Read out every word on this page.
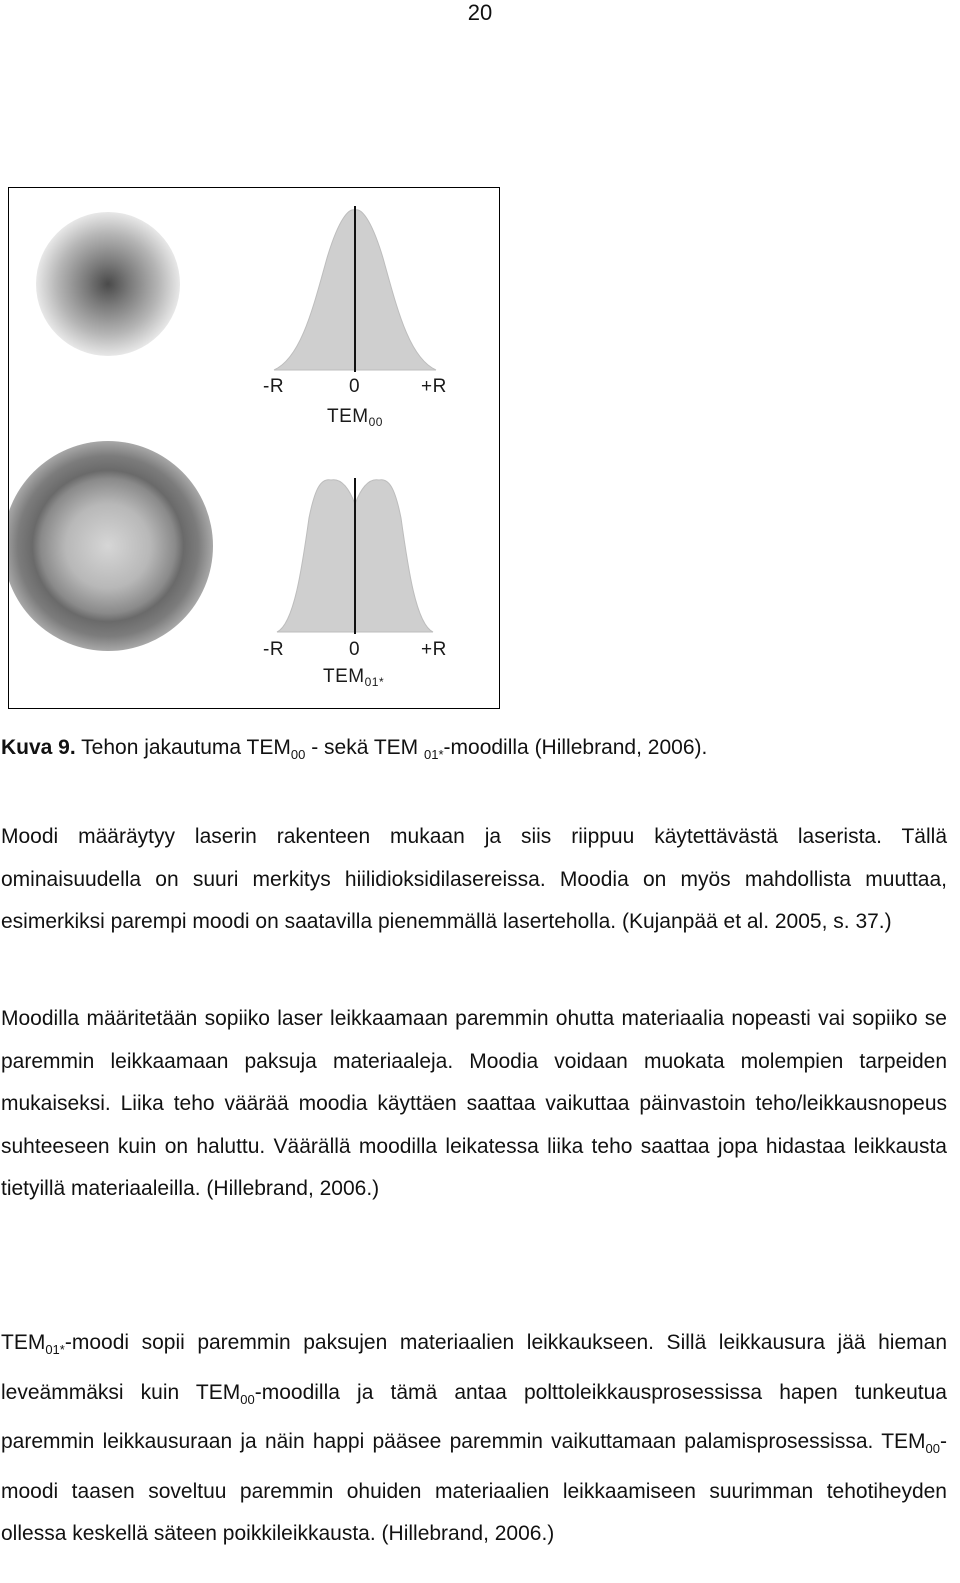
20
-R	0	+R
$TEM_{00}$
-R	0	+R
$TEM_{01*}$
Kuva 9. Tehon jakautuma $TEM_{00}$ - sekä TEM $_{01*}$-moodilla (Hillebrand, 2006).

Moodi määräytyy laserin rakenteen mukaan ja siis riippuu käytettävästä laserista. Tällä ominaisuudella on suuri merkitys hiilidioksidilasereissa. Moodia on myös mahdollista muuttaa, esimerkiksi parempi moodi on saatavilla pienemmällä laserteholla. (Kujanpää et al. 2005, s. 37.)

Moodilla määritetään sopiiko laser leikkaamaan paremmin ohutta materiaalia nopeasti vai sopiiko se paremmin leikkaamaan paksuja materiaaleja. Moodia voidaan muokata molempien tarpeiden mukaiseksi. Liika teho väärää moodia käyttäen saattaa vaikuttaa päinvastoin teho/leikkausnopeus suhteeseen kuin on haluttu. Väärällä moodilla leikatessa liika teho saattaa jopa hidastaa leikkausta tietyillä materiaaleilla. (Hillebrand, 2006.)

$TEM_{01*}$-moodi sopii paremmin paksujen materiaalien leikkaukseen. Sillä leikkausura jää hieman leveämmäksi kuin $TEM_{00}$-moodilla ja tämä antaa polttoleikkausprosessissa hapen tunkeutua paremmin leikkausuraan ja näin happi pääsee paremmin vaikuttamaan palamisprosessissa. $TEM_{00}$-moodi taasen soveltuu paremmin ohuiden materiaalien leikkaamiseen suurimman tehotiheyden ollessa keskellä säteen poikkileikkausta. (Hillebrand, 2006.)
